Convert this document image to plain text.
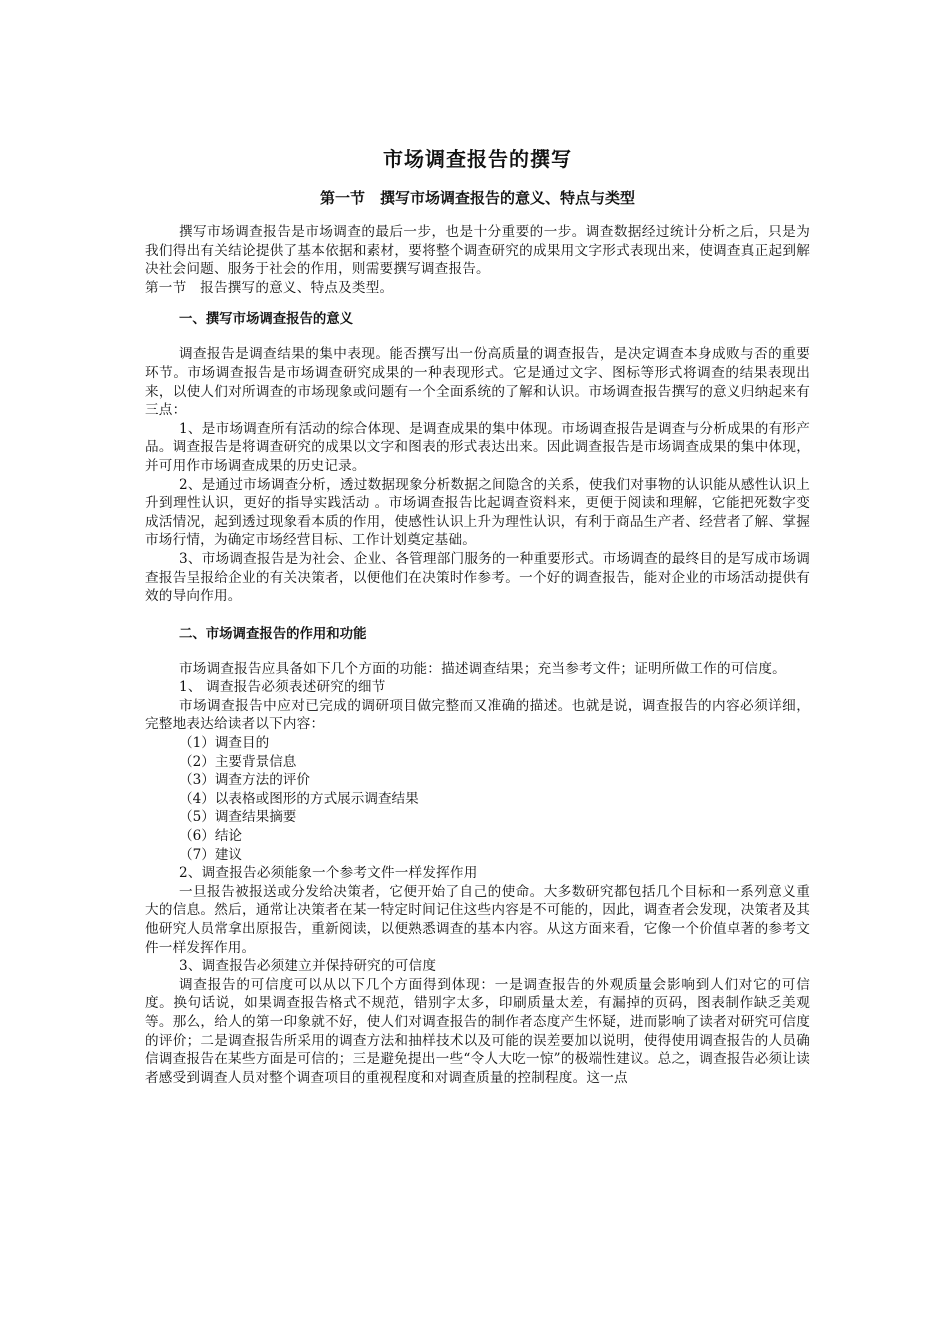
市场调查报告的撰写
第一节　撰写市场调查报告的意义、特点与类型

撰写市场调查报告是市场调查的最后一步，也是十分重要的一步。调查数据经过统计分析之后，只是为我们得出有关结论提供了基本依据和素材，要将整个调查研究的成果用文字形式表现出来，使调查真正起到解决社会问题、服务于社会的作用，则需要撰写调查报告。

第一节　报告撰写的意义、特点及类型。

一、撰写市场调查报告的意义

调查报告是调查结果的集中表现。能否撰写出一份高质量的调查报告，是决定调查本身成败与否的重要环节。市场调查报告是市场调查研究成果的一种表现形式。它是通过文字、图标等形式将调查的结果表现出来，以使人们对所调查的市场现象或问题有一个全面系统的了解和认识。市场调查报告撰写的意义归纳起来有三点：

1、是市场调查所有活动的综合体现、是调查成果的集中体现。市场调查报告是调查与分析成果的有形产品。调查报告是将调查研究的成果以文字和图表的形式表达出来。因此调查报告是市场调查成果的集中体现，并可用作市场调查成果的历史记录。

2、是通过市场调查分析，透过数据现象分析数据之间隐含的关系，使我们对事物的认识能从感性认识上升到理性认识，更好的指导实践活动 。市场调查报告比起调查资料来，更便于阅读和理解，它能把死数字变成活情况，起到透过现象看本质的作用，使感性认识上升为理性认识，有利于商品生产者、经营者了解、掌握市场行情，为确定市场经营目标、工作计划奠定基础。

3、市场调查报告是为社会、企业、各管理部门服务的一种重要形式。市场调查的最终目的是写成市场调查报告呈报给企业的有关决策者，以便他们在决策时作参考。一个好的调查报告，能对企业的市场活动提供有效的导向作用。

二、市场调查报告的作用和功能

市场调查报告应具备如下几个方面的功能：描述调查结果；充当参考文件；证明所做工作的可信度。

1、 调查报告必须表述研究的细节

市场调查报告中应对已完成的调研项目做完整而又准确的描述。也就是说，调查报告的内容必须详细，完整地表达给读者以下内容：

（1）调查目的

（2）主要背景信息

（3）调查方法的评价

（4）以表格或图形的方式展示调查结果

（5）调查结果摘要

（6）结论

（7）建议

2、调查报告必须能象一个参考文件一样发挥作用

一旦报告被报送或分发给决策者，它便开始了自己的使命。大多数研究都包括几个目标和一系列意义重大的信息。然后，通常让决策者在某一特定时间记住这些内容是不可能的，因此，调查者会发现，决策者及其他研究人员常拿出原报告，重新阅读，以便熟悉调查的基本内容。从这方面来看，它像一个价值卓著的参考文件一样发挥作用。

3、调查报告必须建立并保持研究的可信度

调查报告的可信度可以从以下几个方面得到体现：一是调查报告的外观质量会影响到人们对它的可信度。换句话说，如果调查报告格式不规范，错别字太多，印刷质量太差，有漏掉的页码，图表制作缺乏美观等。那么，给人的第一印象就不好，使人们对调查报告的制作者态度产生怀疑，进而影响了读者对研究可信度的评价；二是调查报告所采用的调查方法和抽样技术以及可能的误差要加以说明，使得使用调查报告的人员确信调查报告在某些方面是可信的；三是避免提出一些“令人大吃一惊”的极端性建议。总之，调查报告必须让读者感受到调查人员对整个调查项目的重视程度和对调查质量的控制程度。这一点
